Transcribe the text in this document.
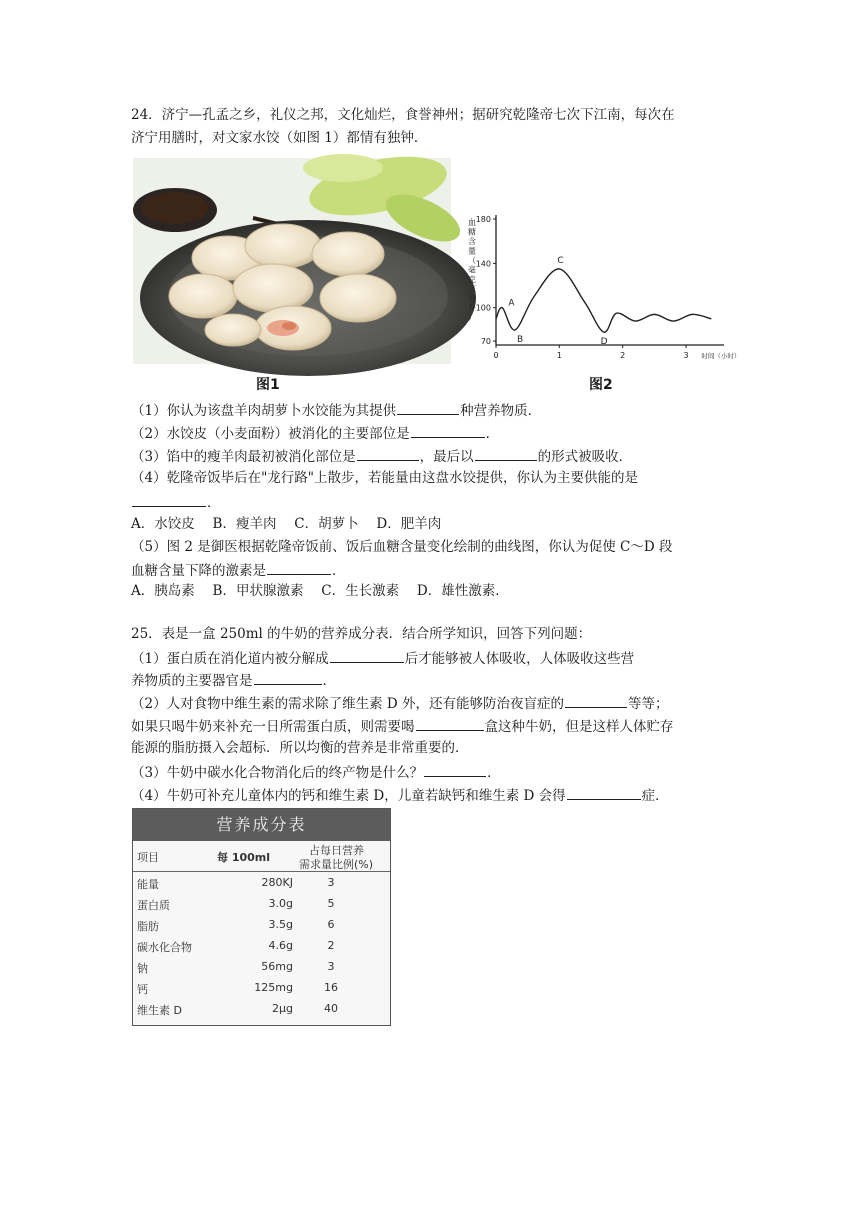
24．济宁—孔孟之乡，礼仪之邦，文化灿烂，食誉神州；据研究乾隆帝七次下江南，每次在
济宁用膳时，对文家水饺（如图 1）都情有独钟．
图1
血
糖
含
量
（
毫
克
／
分
升
）
180
140
100
70
0	1	2	3 时间（小时）
A
B
C
D
图2
（1）你认为该盘羊肉胡萝卜水饺能为其提供	种营养物质．
（2）水饺皮（小麦面粉）被消化的主要部位是	．
（3）馅中的瘦羊肉最初被消化部位是	，最后以	的形式被吸收．
（4）乾隆帝饭毕后在"龙行路"上散步，若能量由这盘水饺提供，你认为主要供能的是
．
A．水饺皮　 B．瘦羊肉　 C．胡萝卜　 D．肥羊肉
（5）图 2 是御医根据乾隆帝饭前、饭后血糖含量变化绘制的曲线图，你认为促使 C～D 段
血糖含量下降的激素是	．
A．胰岛素　 B．甲状腺激素　 C．生长激素　 D．雄性激素．
25．表是一盒 250ml 的牛奶的营养成分表．结合所学知识，回答下列问题：
（1）蛋白质在消化道内被分解成	后才能够被人体吸收，人体吸收这些营
养物质的主要器官是	．
（2）人对食物中维生素的需求除了维生素 D 外，还有能够防治夜盲症的	等等；
如果只喝牛奶来补充一日所需蛋白质，则需要喝	盒这种牛奶，但是这样人体贮存
能源的脂肪摄入会超标．所以均衡的营养是非常重要的．
（3）牛奶中碳水化合物消化后的终产物是什么？	．
（4）牛奶可补充儿童体内的钙和维生素 D，儿童若缺钙和维生素 D 会得	症．
营养成分表
项目	每 100ml
占每日营养
需求量比例(%)
能量	280KJ	3
蛋白质	3.0g	5
脂肪	3.5g	6
碳水化合物	4.6g	2
钠	56mg	3
钙	125mg	16
维生素 D	2μg	40
